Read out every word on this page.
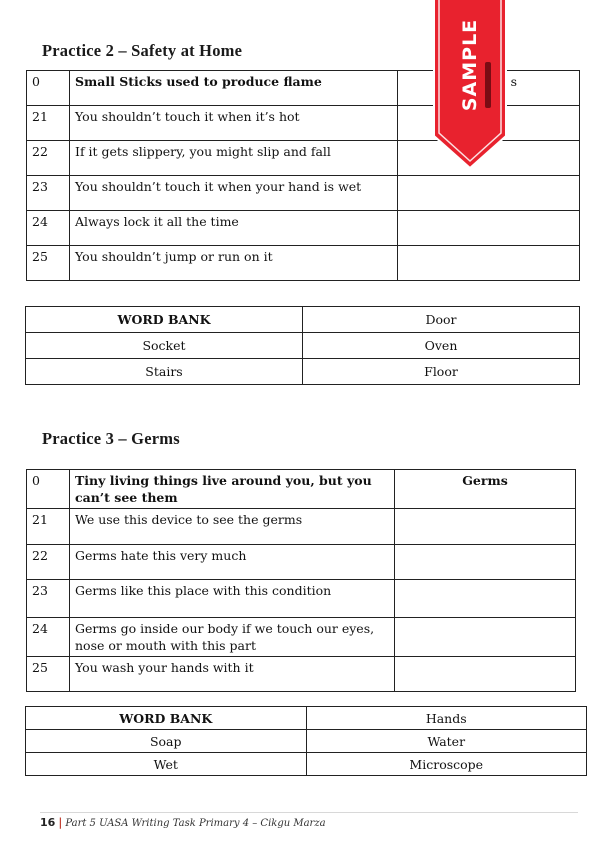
Practice 2 – Safety at Home
0	Small Sticks used to produce flame	s
21	You shouldn’t touch it when it’s hot	
22	If it gets slippery, you might slip and fall	
23	You shouldn’t touch it when your hand is wet	
24	Always lock it all the time	
25	You shouldn’t jump or run on it	
WORD BANK	Door
Socket	Oven
Stairs	Floor
Practice 3 – Germs
0	Tiny living things live around you, but you can’t see them	Germs
21	We use this device to see the germs	
22	Germs hate this very much	
23	Germs like this place with this condition	
24	Germs go inside our body if we touch our eyes, nose or mouth with this part	
25	You wash your hands with it	
WORD BANK	Hands
Soap	Water
Wet	Microscope
SAMPLE
16 | Part 5 UASA Writing Task Primary 4 – Cikgu Marza
